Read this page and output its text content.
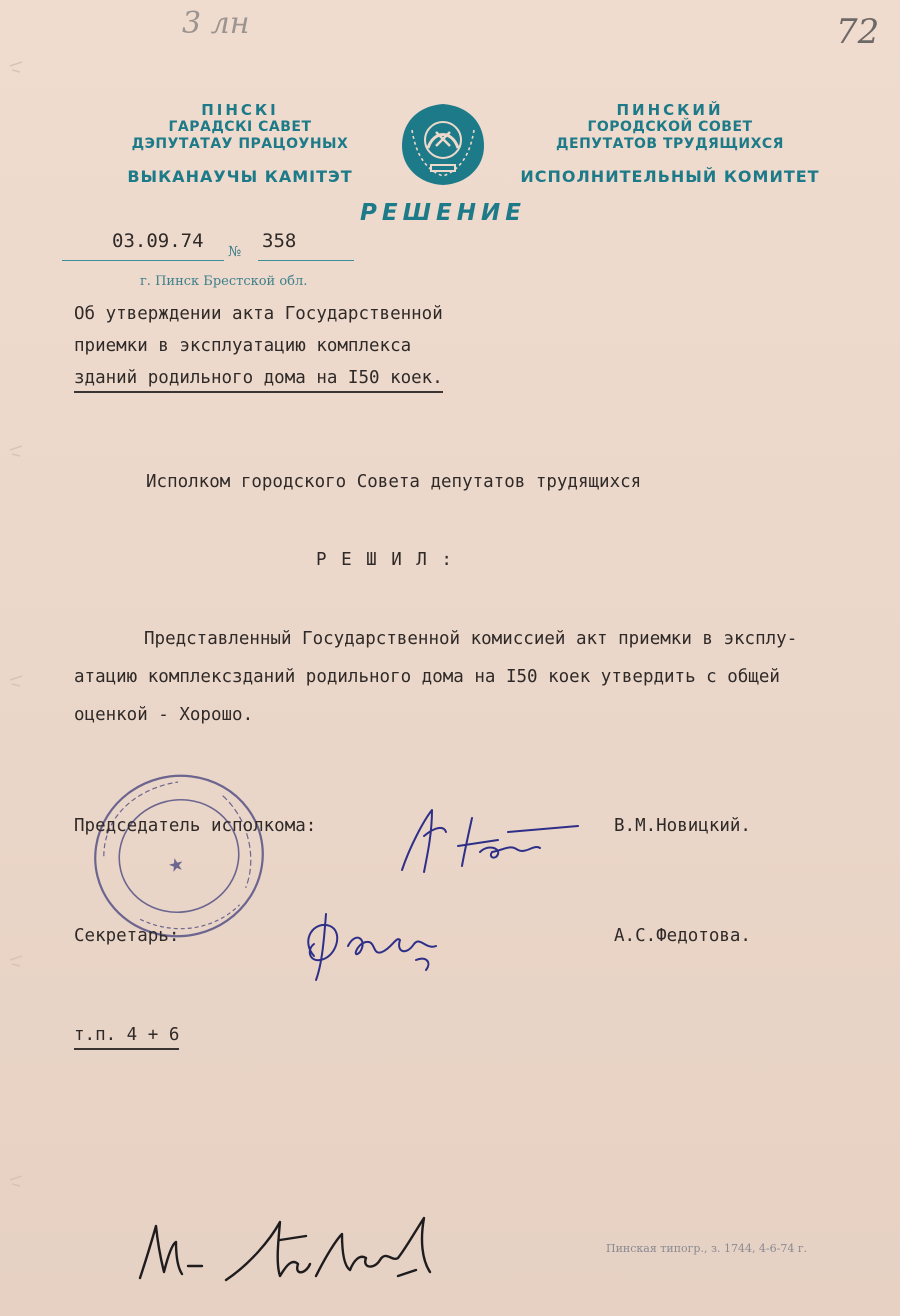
3 лн	72
ПІНСКІ
ГАРАДСКІ САВЕТ
ДЭПУТАТАУ ПРАЦОУНЫХ
ВЫКАНАУЧЫ КАМІТЭТ
ПИНСКИЙ
ГОРОДСКОЙ СОВЕТ
ДЕПУТАТОВ ТРУДЯЩИХСЯ
ИСПОЛНИТЕЛЬНЫЙ КОМИТЕТ
РЕШЕНИЕ
03.09.74 № 358
г. Пинск Брестской обл.
Об утверждении акта Государственной
приемки в эксплуатацию комплекса
зданий родильного дома на I50 коек.
Исполком городского Совета депутатов трудящихся
Р Е Ш И Л :
Представленный Государственной комиссией акт приемки в эксплу-
атацию комплексзданий родильного дома на I50 коек утвердить с общей
оценкой - Хорошо.
★
Председатель исполкома:	В.М.Новицкий.
Секретарь:	А.С.Федотова.
т.п. 4 + 6
Пинская типогр., з. 1744, 4-6-74 г.
